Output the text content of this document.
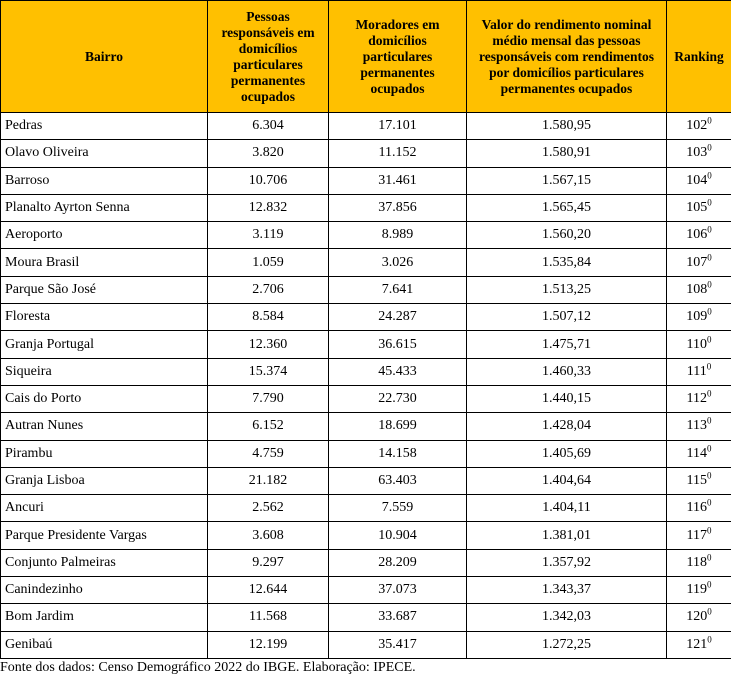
Bairro	Pessoas responsáveis em domicílios particulares permanentes ocupados	Moradores em domicílios particulares permanentes ocupados	Valor do rendimento nominal médio mensal das pessoas responsáveis com rendimentos por domicílios particulares permanentes ocupados	Ranking
Pedras	6.304	17.101	1.580,95	$102^0$
Olavo Oliveira	3.820	11.152	1.580,91	$103^0$
Barroso	10.706	31.461	1.567,15	$104^0$
Planalto Ayrton Senna	12.832	37.856	1.565,45	$105^0$
Aeroporto	3.119	8.989	1.560,20	$106^0$
Moura Brasil	1.059	3.026	1.535,84	$107^0$
Parque São José	2.706	7.641	1.513,25	$108^0$
Floresta	8.584	24.287	1.507,12	$109^0$
Granja Portugal	12.360	36.615	1.475,71	$110^0$
Siqueira	15.374	45.433	1.460,33	$111^0$
Cais do Porto	7.790	22.730	1.440,15	$112^0$
Autran Nunes	6.152	18.699	1.428,04	$113^0$
Pirambu	4.759	14.158	1.405,69	$114^0$
Granja Lisboa	21.182	63.403	1.404,64	$115^0$
Ancuri	2.562	7.559	1.404,11	$116^0$
Parque Presidente Vargas	3.608	10.904	1.381,01	$117^0$
Conjunto Palmeiras	9.297	28.209	1.357,92	$118^0$
Canindezinho	12.644	37.073	1.343,37	$119^0$
Bom Jardim	11.568	33.687	1.342,03	$120^0$
Genibaú	12.199	35.417	1.272,25	$121^0$
Fonte dos dados: Censo Demográfico 2022 do IBGE. Elaboração: IPECE.
